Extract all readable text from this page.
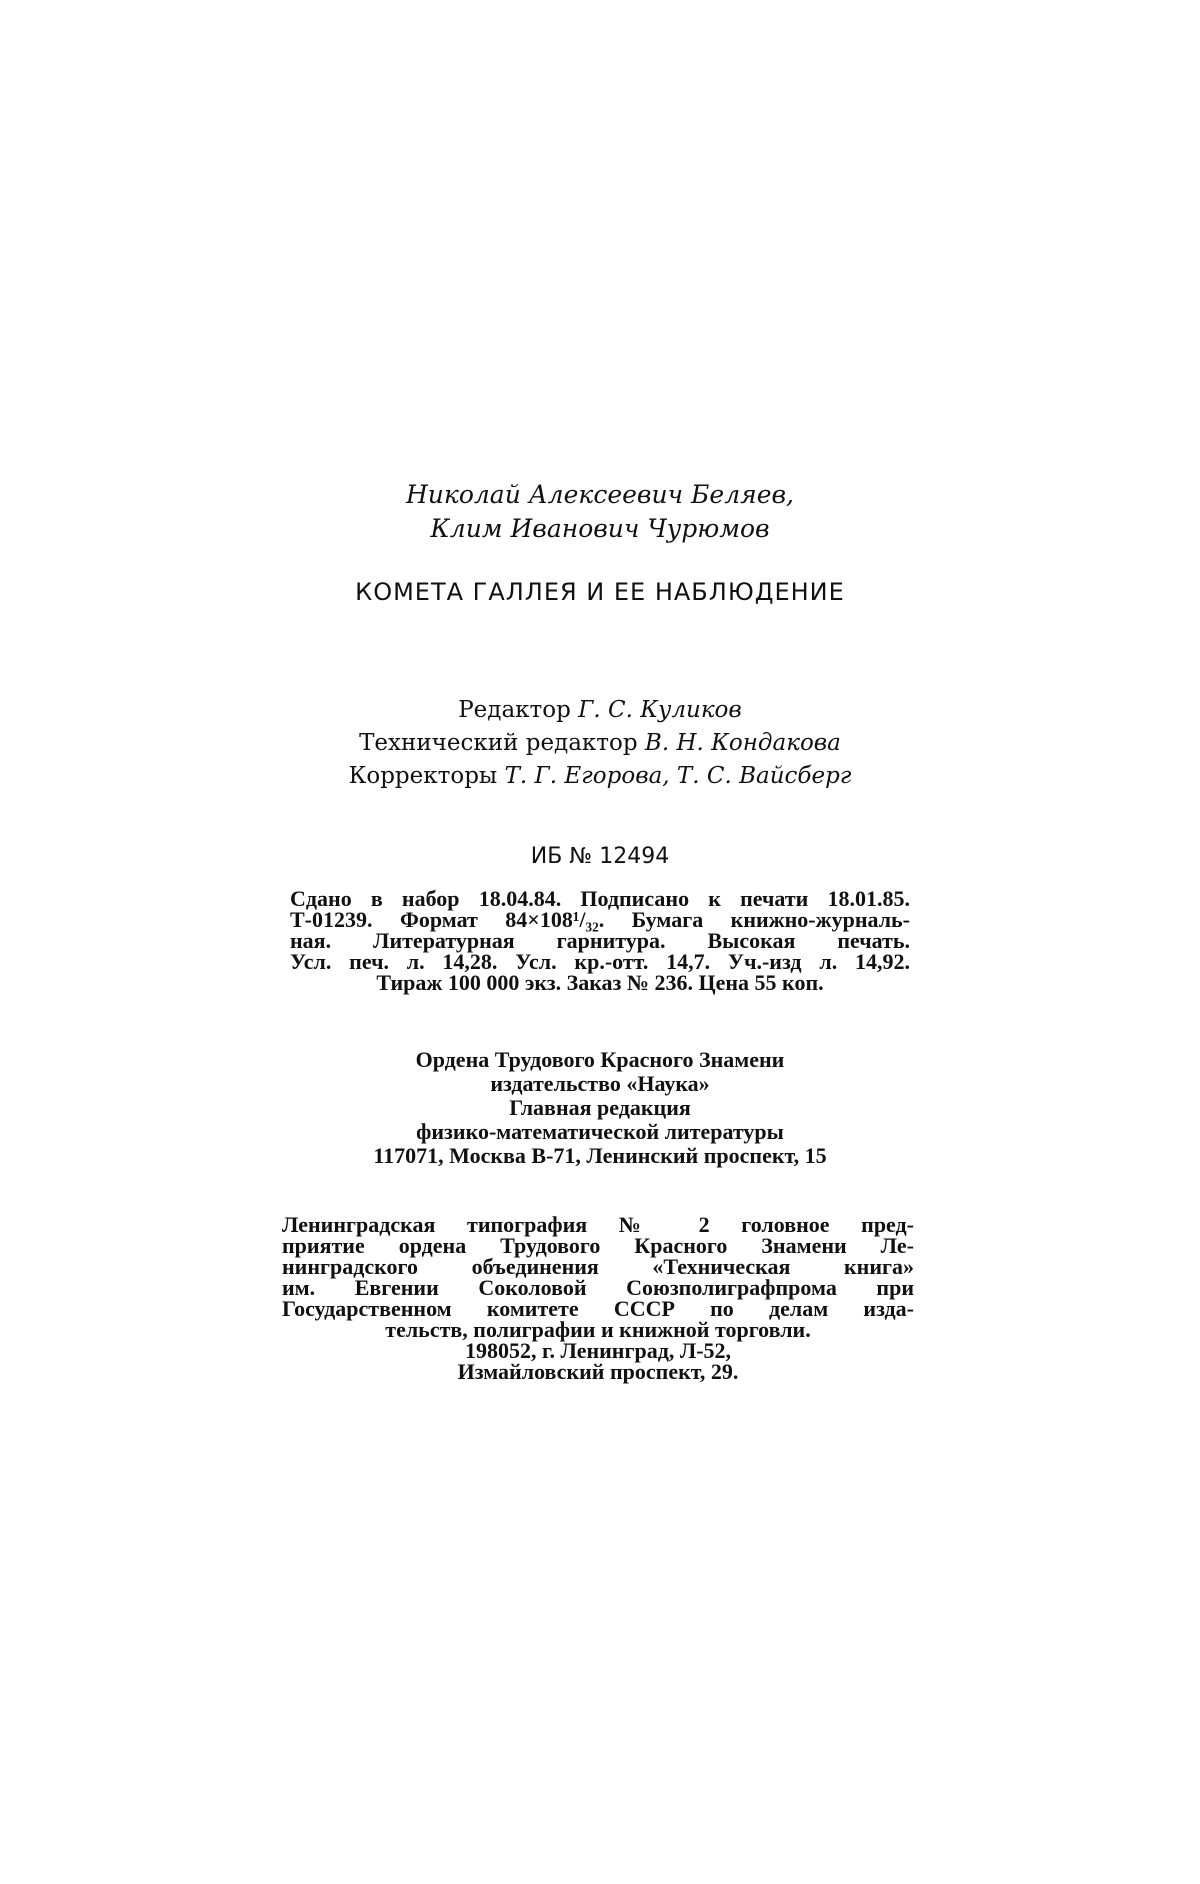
Николай Алексеевич Беляев,
Клим Иванович Чурюмов
КОМЕТА ГАЛЛЕЯ И ЕЕ НАБЛЮДЕНИЕ
Редактор Г. С. Куликов
Технический редактор В. Н. Кондакова
Корректоры Т. Г. Егорова, Т. С. Вайсберг
ИБ № 12494
Сдано в набор 18.04.84. Подписано к печати 18.01.85.
Т-01239. Формат 84×108¹/₃₂. Бумага книжно-журналь-
ная. Литературная гарнитура. Высокая печать.
Усл. печ. л. 14,28. Усл. кр.-отт. 14,7. Уч.-изд л. 14,92.
Тираж 100 000 экз. Заказ № 236. Цена 55 коп.
Ордена Трудового Красного Знамени
издательство «Наука»
Главная редакция
физико-математической литературы
117071, Москва В-71, Ленинский проспект, 15
Ленинградская типография № 2 головное пред-
приятие ордена Трудового Красного Знамени Ле-
нинградского объединения «Техническая книга»
им. Евгении Соколовой Союзполиграфпрома при
Государственном комитете СССР по делам изда-
тельств, полиграфии и книжной торговли.
198052, г. Ленинград, Л-52,
Измайловский проспект, 29.
